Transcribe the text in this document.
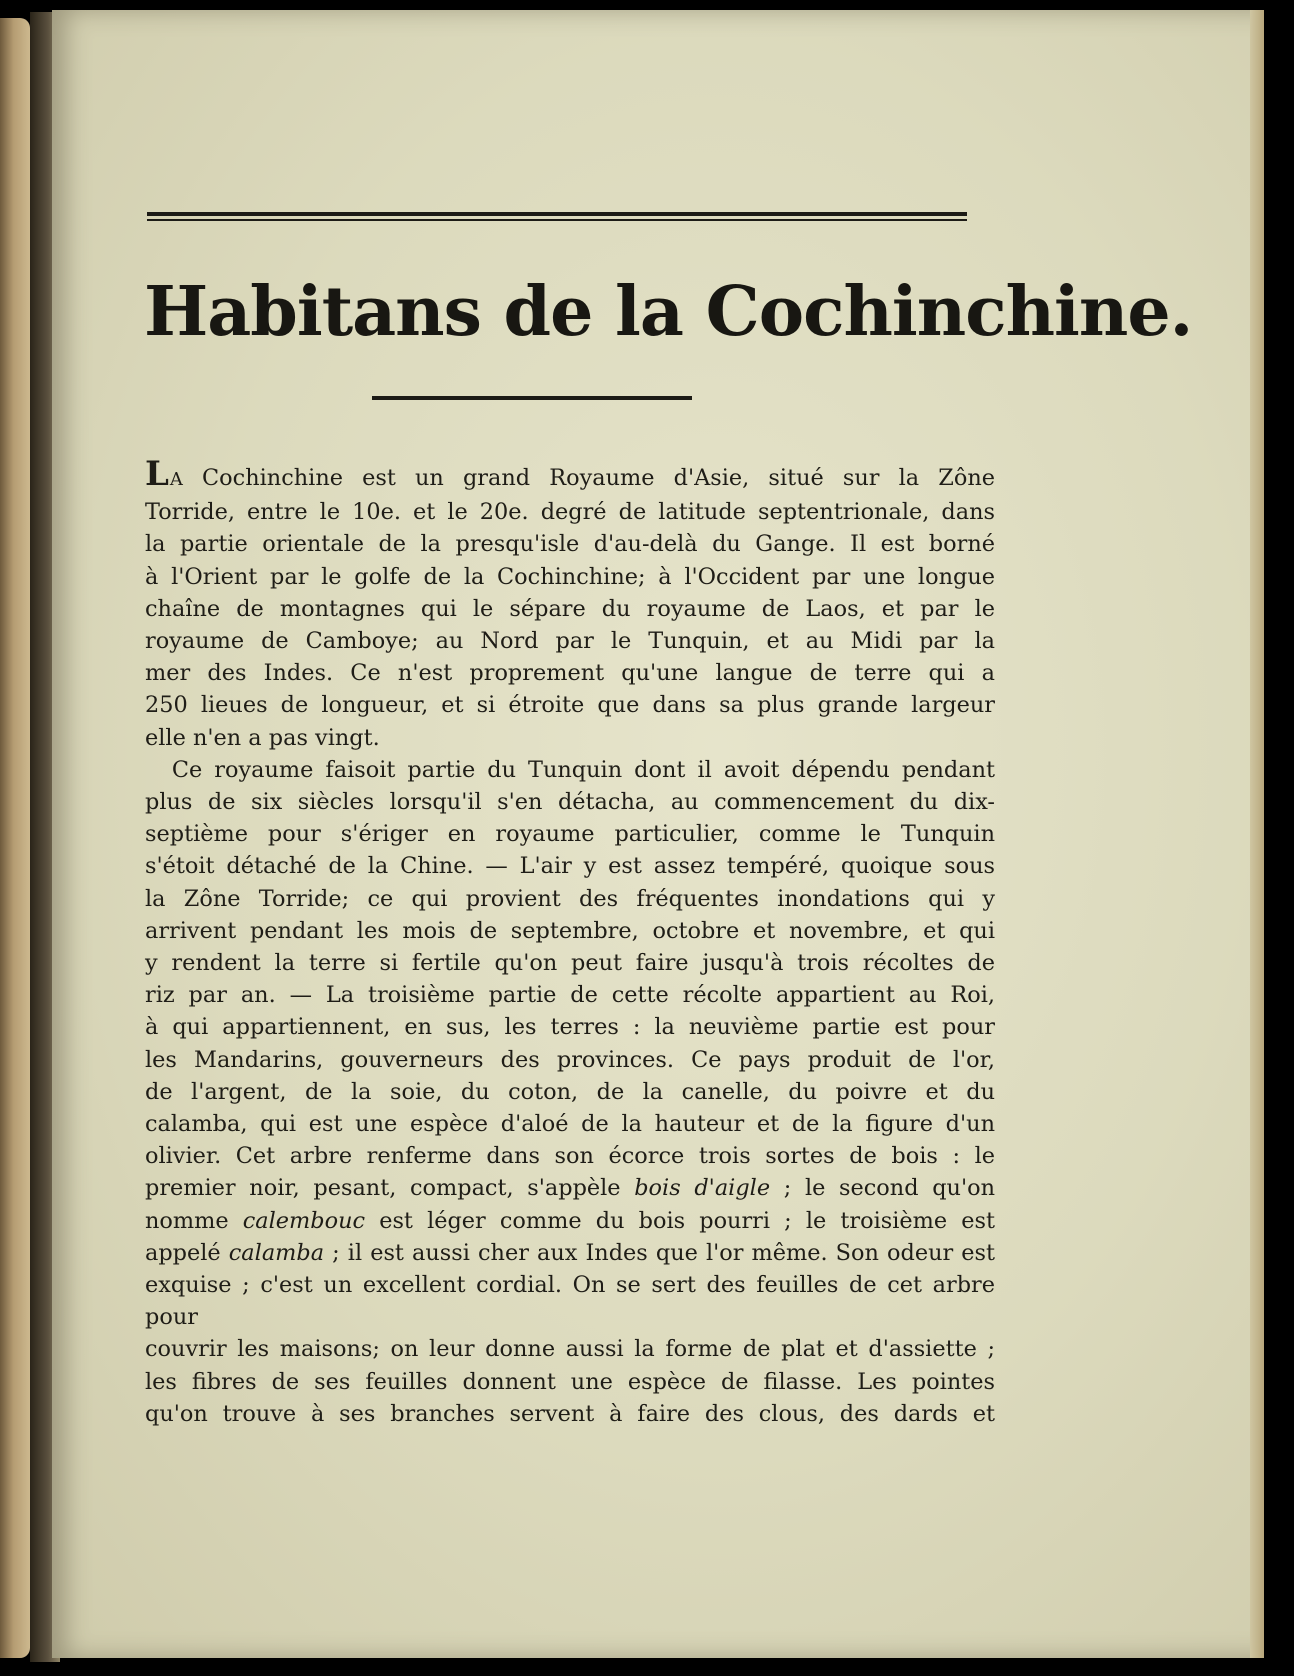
Habitans de la Cochinchine.

LA Cochinchine est un grand Royaume d'Asie, situé sur la Zône

Torride, entre le 10e. et le 20e. degré de latitude septentrionale, dans

la partie orientale de la presqu'isle d'au-delà du Gange. Il est borné

à l'Orient par le golfe de la Cochinchine; à l'Occident par une longue

chaîne de montagnes qui le sépare du royaume de Laos, et par le

royaume de Camboye; au Nord par le Tunquin, et au Midi par la

mer des Indes. Ce n'est proprement qu'une langue de terre qui a

250 lieues de longueur, et si étroite que dans sa plus grande largeur

elle n'en a pas vingt.

Ce royaume faisoit partie du Tunquin dont il avoit dépendu pendant

plus de six siècles lorsqu'il s'en détacha, au commencement du dix-

septième pour s'ériger en royaume particulier, comme le Tunquin

s'étoit détaché de la Chine. — L'air y est assez tempéré, quoique sous

la Zône Torride; ce qui provient des fréquentes inondations qui y

arrivent pendant les mois de septembre, octobre et novembre, et qui

y rendent la terre si fertile qu'on peut faire jusqu'à trois récoltes de

riz par an. — La troisième partie de cette récolte appartient au Roi,

à qui appartiennent, en sus, les terres : la neuvième partie est pour

les Mandarins, gouverneurs des provinces. Ce pays produit de l'or,

de l'argent, de la soie, du coton, de la canelle, du poivre et du

calamba, qui est une espèce d'aloé de la hauteur et de la figure d'un

olivier. Cet arbre renferme dans son écorce trois sortes de bois : le

premier noir, pesant, compact, s'appèle bois d'aigle ; le second qu'on

nomme calembouc est léger comme du bois pourri ; le troisième est

appelé calamba ; il est aussi cher aux Indes que l'or même. Son odeur est

exquise ; c'est un excellent cordial. On se sert des feuilles de cet arbre pour

couvrir les maisons; on leur donne aussi la forme de plat et d'assiette ;

les fibres de ses feuilles donnent une espèce de filasse. Les pointes

qu'on trouve à ses branches servent à faire des clous, des dards et
